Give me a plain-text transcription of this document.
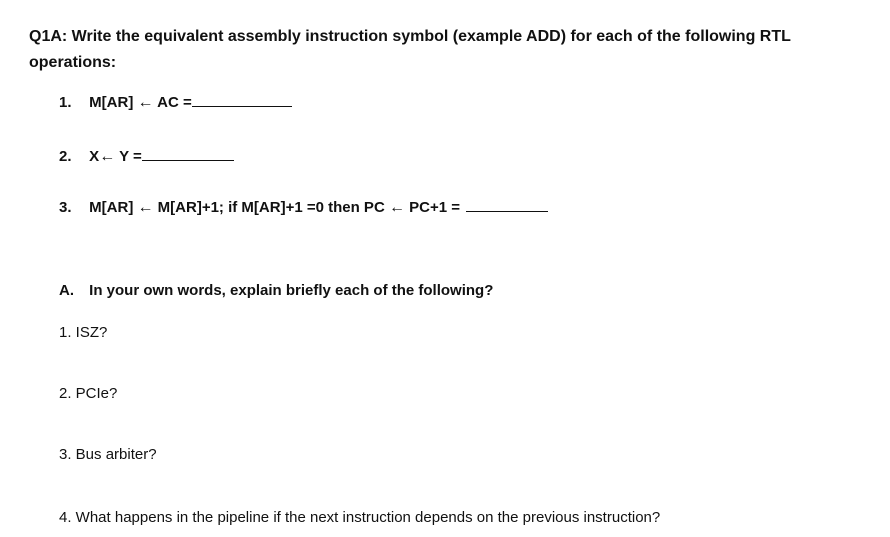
Q1A: Write the equivalent assembly instruction symbol (example ADD) for each of the following RTL operations:
1. M[AR] ← AC =
2. X← Y =
3. M[AR] ← M[AR]+1; if M[AR]+1 =0 then PC ← PC+1 =
A. In your own words, explain briefly each of the following?
1. ISZ?
2. PCIe?
3. Bus arbiter?
4. What happens in the pipeline if the next instruction depends on the previous instruction?
